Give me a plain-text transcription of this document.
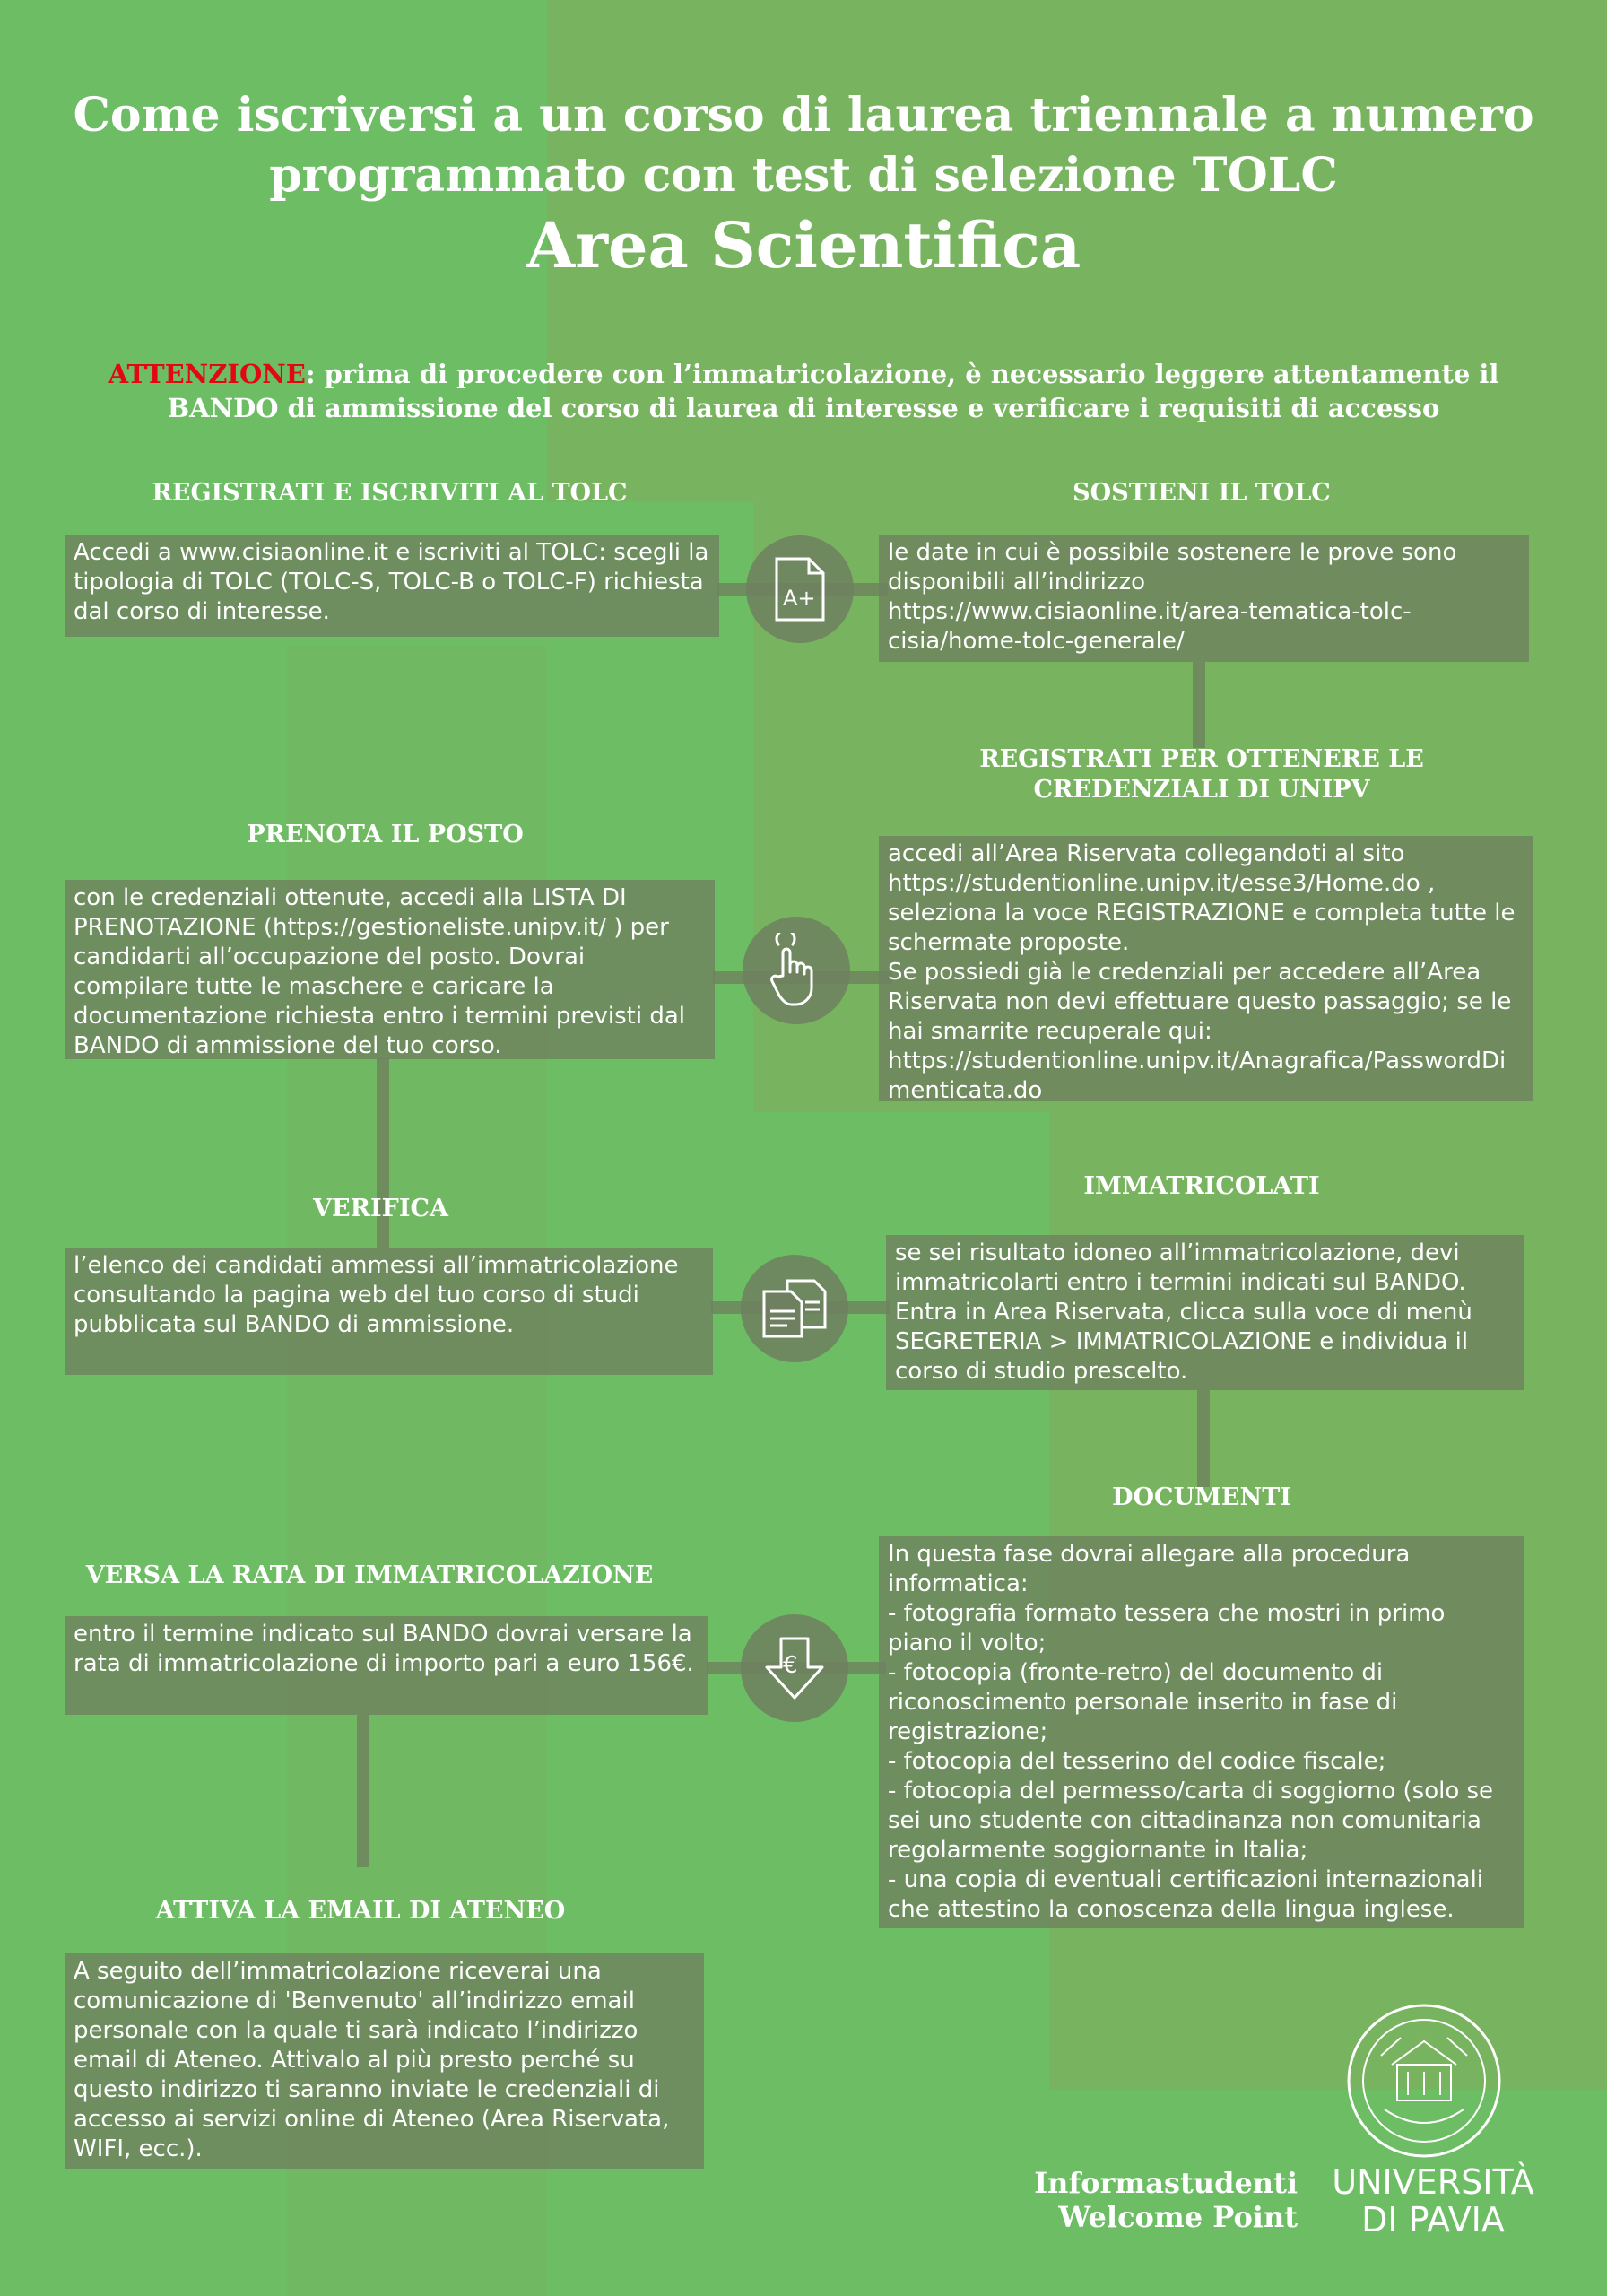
Come iscriversi a un corso di laurea triennale a numero
programmato con test di selezione TOLC
Area Scientifica
ATTENZIONE: prima di procedere con l’immatricolazione, è necessario leggere attentamente il BANDO di ammissione del corso di laurea di interesse e verificare i requisiti di accesso
REGISTRATI E ISCRIVITI AL TOLC
Accedi a www.cisiaonline.it e iscriviti al TOLC: scegli la tipologia di TOLC (TOLC-S, TOLC-B o TOLC-F) richiesta dal corso di interesse.
SOSTIENI IL TOLC
le date in cui è possibile sostenere le prove sono disponibili all’indirizzo
https://www.cisiaonline.it/area-tematica-tolc-cisia/home-tolc-generale/
REGISTRATI PER OTTENERE LE CREDENZIALI DI UNIPV
accedi all’Area Riservata collegandoti al sito https://studentionline.unipv.it/esse3/Home.do , seleziona la voce REGISTRAZIONE e completa tutte le schermate proposte.
Se possiedi già le credenziali per accedere all’Area Riservata non devi effettuare questo passaggio; se le hai smarrite recuperale qui:
https://studentionline.unipv.it/Anagrafica/PasswordDimenticata.do
PRENOTA IL POSTO
con le credenziali ottenute, accedi alla LISTA DI PRENOTAZIONE (https://gestioneliste.unipv.it/ ) per candidarti all’occupazione del posto. Dovrai compilare tutte le maschere e caricare la documentazione richiesta entro i termini previsti dal BANDO di ammissione del tuo corso.
VERIFICA
l’elenco dei candidati ammessi all’immatricolazione consultando la pagina web del tuo corso di studi pubblicata sul BANDO di ammissione.
IMMATRICOLATI
se sei risultato idoneo all’immatricolazione, devi immatricolarti entro i termini indicati sul BANDO. Entra in Area Riservata, clicca sulla voce di menù SEGRETERIA > IMMATRICOLAZIONE e individua il corso di studio prescelto.
DOCUMENTI
In questa fase dovrai allegare alla procedura informatica:
- fotografia formato tessera che mostri in primo piano il volto;
- fotocopia (fronte-retro) del documento di riconoscimento personale inserito in fase di registrazione;
- fotocopia del tesserino del codice fiscale;
- fotocopia del permesso/carta di soggiorno (solo se sei uno studente con cittadinanza non comunitaria regolarmente soggiornante in Italia;
- una copia di eventuali certificazioni internazionali che attestino la conoscenza della lingua inglese.
VERSA LA RATA DI IMMATRICOLAZIONE
entro il termine indicato sul BANDO dovrai versare la rata di immatricolazione di importo pari a euro 156€.
ATTIVA LA EMAIL DI ATENEO
A seguito dell’immatricolazione riceverai una comunicazione di 'Benvenuto' all’indirizzo email personale con la quale ti sarà indicato l’indirizzo email di Ateneo. Attivalo al più presto perché su questo indirizzo ti saranno inviate le credenziali di accesso ai servizi online di Ateneo (Area Riservata, WIFI, ecc.).
A+
€
Informastudenti
Welcome Point
UNIVERSITÀ
DI PAVIA
